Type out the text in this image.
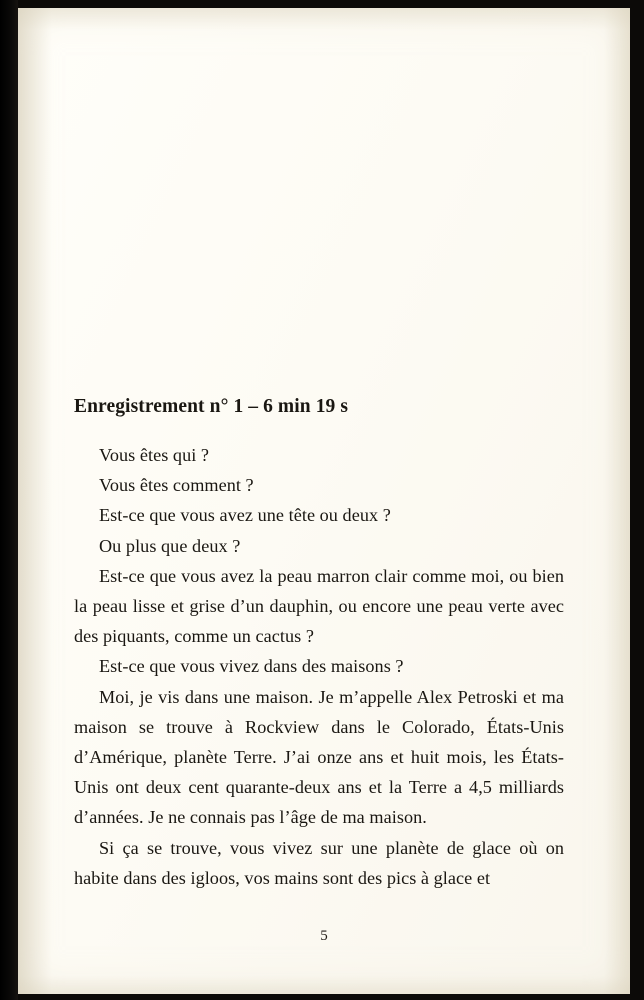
Enregistrement n° 1 – 6 min 19 s

Vous êtes qui ?

Vous êtes comment ?

Est-ce que vous avez une tête ou deux ?

Ou plus que deux ?

Est-ce que vous avez la peau marron clair comme moi, ou bien la peau lisse et grise d’un dauphin, ou encore une peau verte avec des piquants, comme un cactus ?

Est-ce que vous vivez dans des maisons ?

Moi, je vis dans une maison. Je m’appelle Alex Petroski et ma maison se trouve à Rockview dans le Colorado, États-Unis d’Amérique, planète Terre. J’ai onze ans et huit mois, les États-Unis ont deux cent quarante-deux ans et la Terre a 4,5 milliards d’années. Je ne connais pas l’âge de ma maison.

Si ça se trouve, vous vivez sur une planète de glace où on habite dans des igloos, vos mains sont des pics à glace et

5
